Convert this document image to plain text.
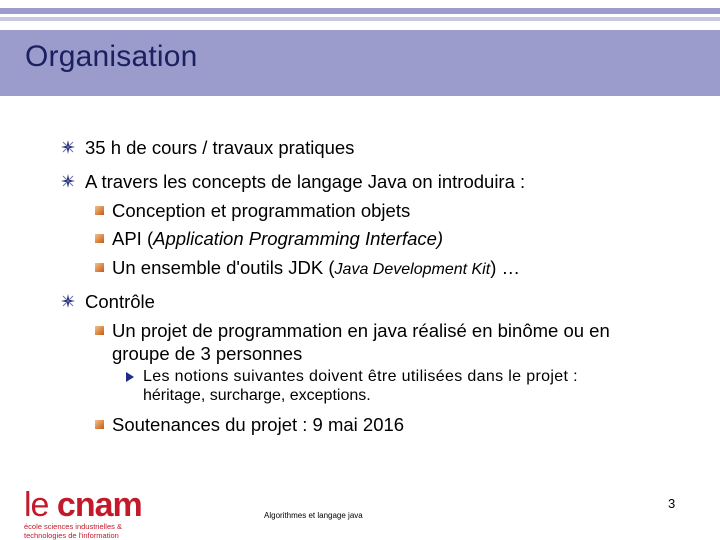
Organisation
35 h de cours / travaux pratiques
A travers les concepts de langage Java on introduira :
Conception et programmation objets
API (Application Programming Interface)
Un ensemble d'outils JDK (Java Development Kit) …
Contrôle
Un projet de programmation en java réalisé en binôme ou en
groupe de 3 personnes
Les notions suivantes doivent être utilisées dans le projet :
héritage, surcharge, exceptions.
Soutenances du projet : 9 mai 2016
le cnam
école sciences industrielles &
technologies de l'information
Algorithmes et langage java
3
